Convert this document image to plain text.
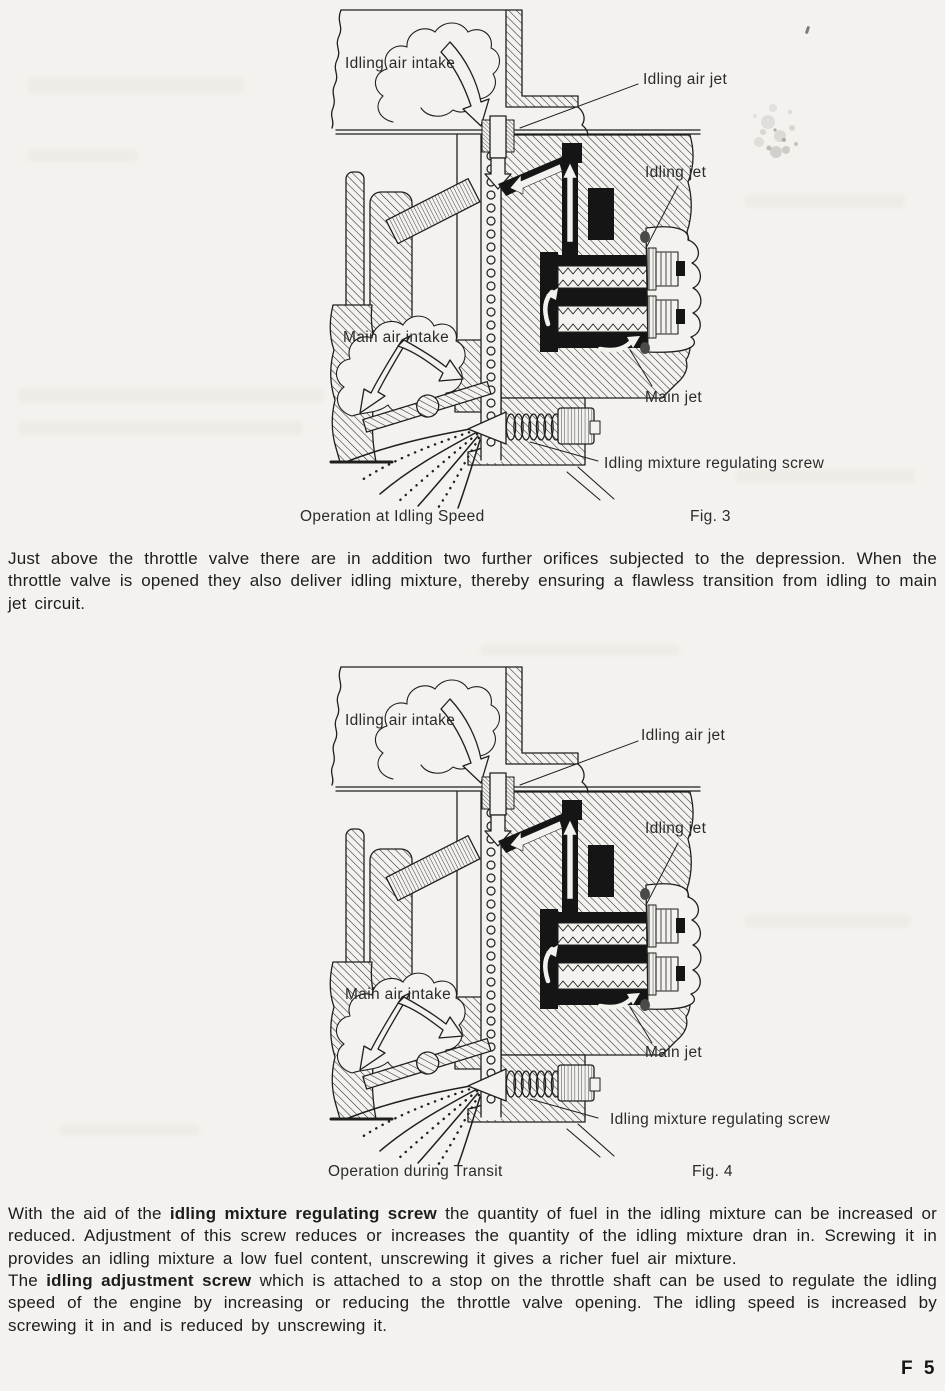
Idling air intake
Idling air jet
Idling jet
Main air intake
Main jet
Idling mixture regulating screw
Operation at Idling Speed	Fig. 3

Just above the throttle valve there are in addition two further orifices subjected to the depression. When the throttle valve is opened they also deliver idling mixture, thereby ensuring a flawless transition from idling to main jet circuit.

Idling air intake
Idling air jet
Idling jet
Main air intake
Main jet
Idling mixture regulating screw
Operation during Transit	Fig. 4

With the aid of the idling mixture regulating screw the quantity of fuel in the idling mixture can be increased or reduced. Adjustment of this screw reduces or increases the quantity of the idling mixture dran in. Screwing it in provides an idling mixture a low fuel content, unscrewing it gives a richer fuel air mixture.

The idling adjustment screw which is attached to a stop on the throttle shaft can be used to regulate the idling speed of the engine by increasing or reducing the throttle valve opening. The idling speed is increased by screwing it in and is reduced by unscrewing it.

F 5
